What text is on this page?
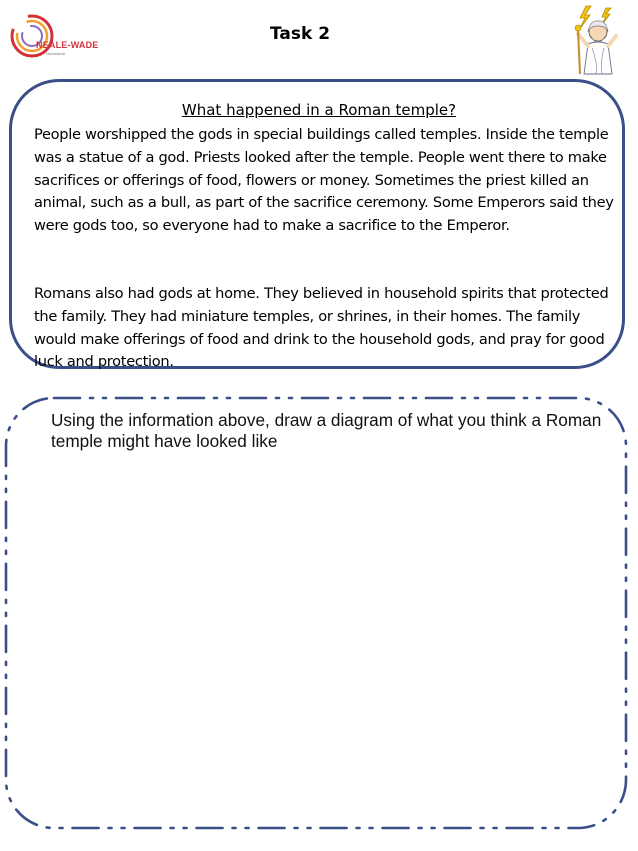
NEALE-WADE
Homework
Task 2
What happened in a Roman temple?

People worshipped the gods in special buildings called temples. Inside the temple was a statue of a god. Priests looked after the temple. People went there to make sacrifices or offerings of food, flowers or money. Sometimes the priest killed an animal, such as a bull, as part of the sacrifice ceremony. Some Emperors said they were gods too, so everyone had to make a sacrifice to the Emperor.

Romans also had gods at home. They believed in household spirits that protected the family. They had miniature temples, or shrines, in their homes. The family would make offerings of food and drink to the household gods, and pray for good luck and protection.

Using the information above, draw a diagram of what you think a Roman temple might have looked like
